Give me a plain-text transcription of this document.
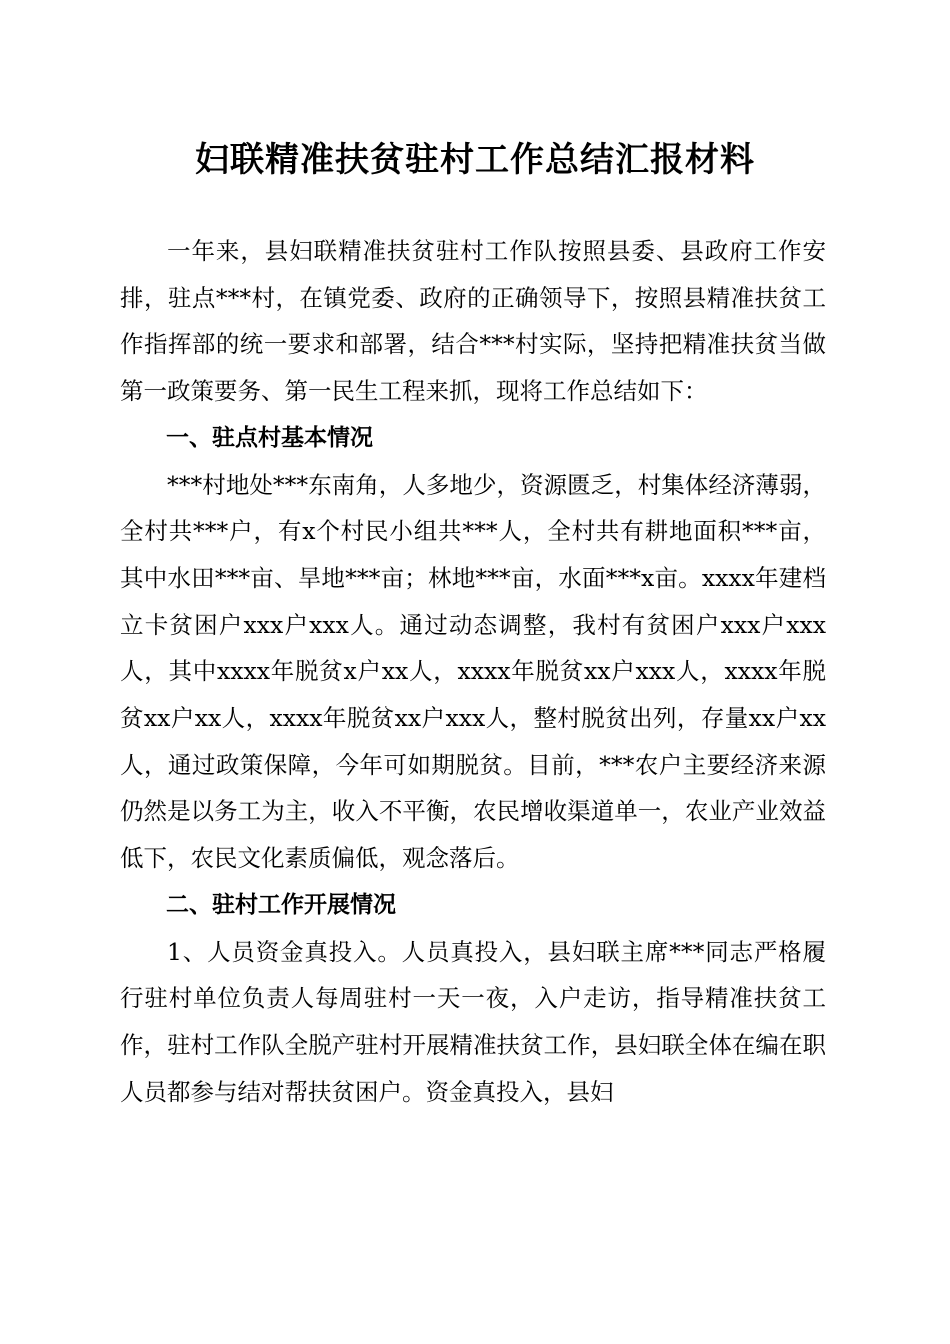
妇联精准扶贫驻村工作总结汇报材料

一年来，县妇联精准扶贫驻村工作队按照县委、县政府工作安排，驻点***村，在镇党委、政府的正确领导下，按照县精准扶贫工作指挥部的统一要求和部署，结合***村实际，坚持把精准扶贫当做第一政策要务、第一民生工程来抓，现将工作总结如下：

一、驻点村基本情况

***村地处***东南角，人多地少，资源匮乏，村集体经济薄弱，全村共***户，有x个村民小组共***人，全村共有耕地面积***亩，其中水田***亩、旱地***亩；林地***亩，水面***x亩。xxxx年建档立卡贫困户xxx户xxx人。通过动态调整，我村有贫困户xxx户xxx人，其中xxxx年脱贫x户xx人，xxxx年脱贫xx户xxx人，xxxx年脱贫xx户xx人，xxxx年脱贫xx户xxx人，整村脱贫出列，存量xx户xx人，通过政策保障，今年可如期脱贫。目前，***农户主要经济来源仍然是以务工为主，收入不平衡，农民增收渠道单一，农业产业效益低下，农民文化素质偏低，观念落后。

二、驻村工作开展情况

1、人员资金真投入。人员真投入，县妇联主席***同志严格履行驻村单位负责人每周驻村一天一夜，入户走访，指导精准扶贫工作，驻村工作队全脱产驻村开展精准扶贫工作，县妇联全体在编在职人员都参与结对帮扶贫困户。资金真投入，县妇
